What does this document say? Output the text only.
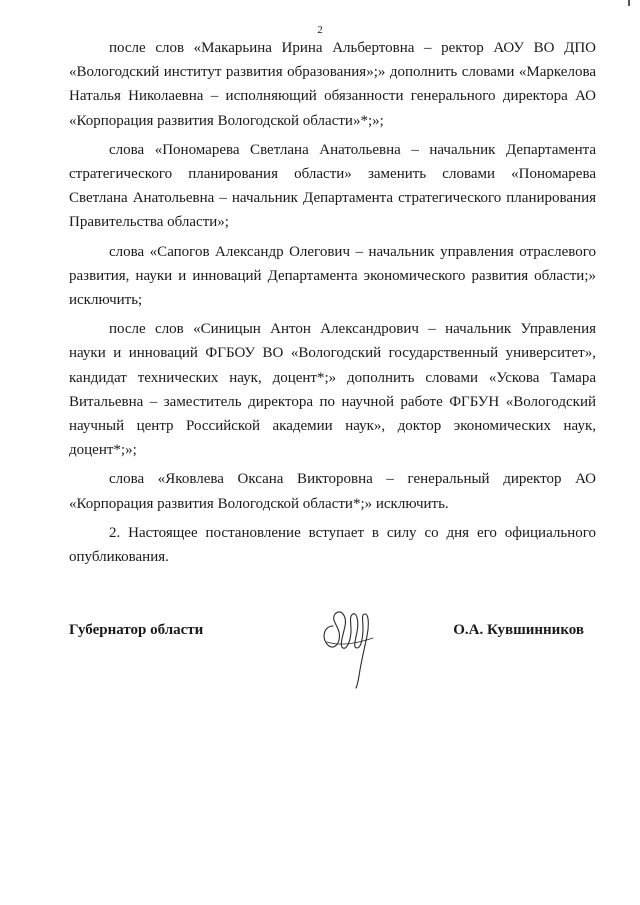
2

после слов «Макарьина Ирина Альбертовна – ректор АОУ ВО ДПО «Вологодский институт развития образования»;» дополнить словами «Маркелова Наталья Николаевна – исполняющий обязанности генерального директора АО «Корпорация развития Вологодской области»*;»;

слова «Пономарева Светлана Анатольевна – начальник Департамента стратегического планирования области» заменить словами «Пономарева Светлана Анатольевна – начальник Департамента стратегического планирования Правительства области»;

слова «Сапогов Александр Олегович – начальник управления отраслевого развития, науки и инноваций Департамента экономического развития области;» исключить;

после слов «Синицын Антон Александрович – начальник Управления науки и инноваций ФГБОУ ВО «Вологодский государственный университет», кандидат технических наук, доцент*;» дополнить словами «Ускова Тамара Витальевна – заместитель директора по научной работе ФГБУН «Вологодский научный центр Российской академии наук», доктор экономических наук, доцент*;»;

слова «Яковлева Оксана Викторовна – генеральный директор АО «Корпорация развития Вологодской области*;» исключить.

2. Настоящее постановление вступает в силу со дня его официального опубликования.

Губернатор области	О.А. Кувшинников
